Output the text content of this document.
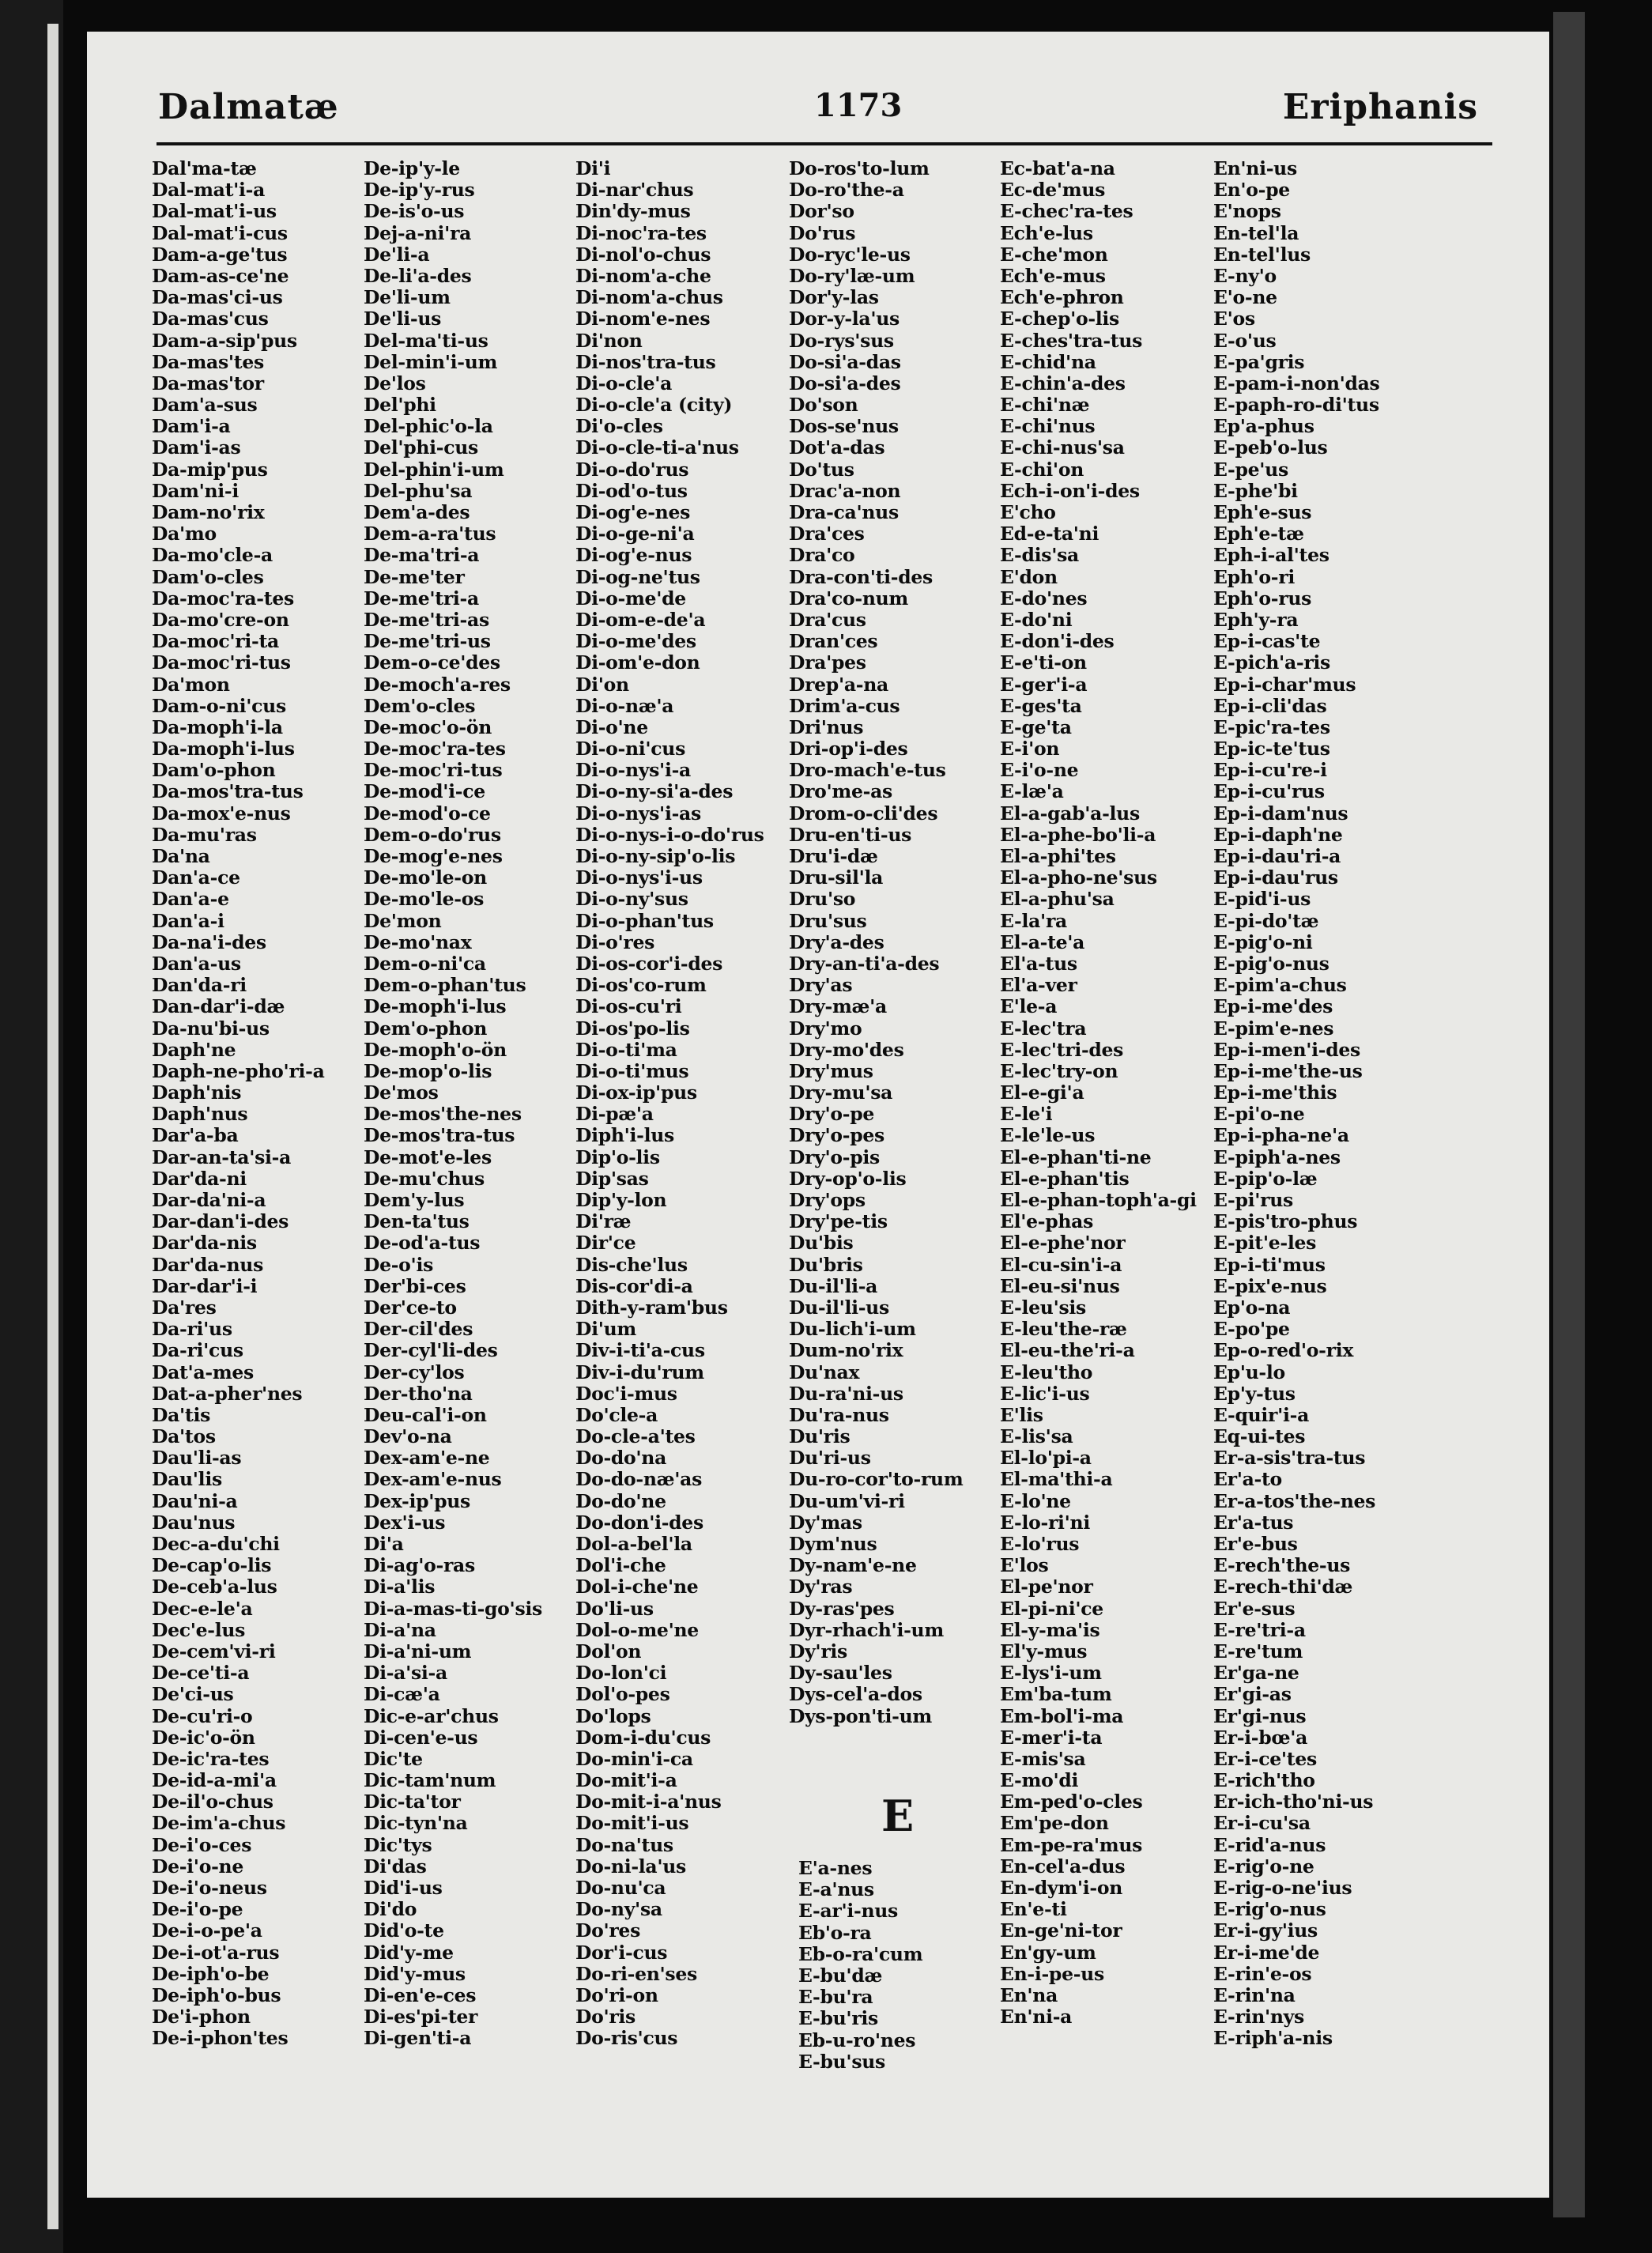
Dalmatæ	1173	Eriphanis
Dal'ma-tæ
Dal-mat'i-a
Dal-mat'i-us
Dal-mat'i-cus
Dam-a-ge'tus
Dam-as-ce'ne
Da-mas'ci-us
Da-mas'cus
Dam-a-sip'pus
Da-mas'tes
Da-mas'tor
Dam'a-sus
Dam'i-a
Dam'i-as
Da-mip'pus
Dam'ni-i
Dam-no'rix
Da'mo
Da-mo'cle-a
Dam'o-cles
Da-moc'ra-tes
Da-mo'cre-on
Da-moc'ri-ta
Da-moc'ri-tus
Da'mon
Dam-o-ni'cus
Da-moph'i-la
Da-moph'i-lus
Dam'o-phon
Da-mos'tra-tus
Da-mox'e-nus
Da-mu'ras
Da'na
Dan'a-ce
Dan'a-e
Dan'a-i
Da-na'i-des
Dan'a-us
Dan'da-ri
Dan-dar'i-dæ
Da-nu'bi-us
Daph'ne
Daph-ne-pho'ri-a
Daph'nis
Daph'nus
Dar'a-ba
Dar-an-ta'si-a
Dar'da-ni
Dar-da'ni-a
Dar-dan'i-des
Dar'da-nis
Dar'da-nus
Dar-dar'i-i
Da'res
Da-ri'us
Da-ri'cus
Dat'a-mes
Dat-a-pher'nes
Da'tis
Da'tos
Dau'li-as
Dau'lis
Dau'ni-a
Dau'nus
Dec-a-du'chi
De-cap'o-lis
De-ceb'a-lus
Dec-e-le'a
Dec'e-lus
De-cem'vi-ri
De-ce'ti-a
De'ci-us
De-cu'ri-o
De-ic'o-ön
De-ic'ra-tes
De-id-a-mi'a
De-il'o-chus
De-im'a-chus
De-i'o-ces
De-i'o-ne
De-i'o-neus
De-i'o-pe
De-i-o-pe'a
De-i-ot'a-rus
De-iph'o-be
De-iph'o-bus
De'i-phon
De-i-phon'tes
De-ip'y-le
De-ip'y-rus
De-is'o-us
Dej-a-ni'ra
De'li-a
De-li'a-des
De'li-um
De'li-us
Del-ma'ti-us
Del-min'i-um
De'los
Del'phi
Del-phic'o-la
Del'phi-cus
Del-phin'i-um
Del-phu'sa
Dem'a-des
Dem-a-ra'tus
De-ma'tri-a
De-me'ter
De-me'tri-a
De-me'tri-as
De-me'tri-us
Dem-o-ce'des
De-moch'a-res
Dem'o-cles
De-moc'o-ön
De-moc'ra-tes
De-moc'ri-tus
De-mod'i-ce
De-mod'o-ce
Dem-o-do'rus
De-mog'e-nes
De-mo'le-on
De-mo'le-os
De'mon
De-mo'nax
Dem-o-ni'ca
Dem-o-phan'tus
De-moph'i-lus
Dem'o-phon
De-moph'o-ön
De-mop'o-lis
De'mos
De-mos'the-nes
De-mos'tra-tus
De-mot'e-les
De-mu'chus
Dem'y-lus
Den-ta'tus
De-od'a-tus
De-o'is
Der'bi-ces
Der'ce-to
Der-cil'des
Der-cyl'li-des
Der-cy'los
Der-tho'na
Deu-cal'i-on
Dev'o-na
Dex-am'e-ne
Dex-am'e-nus
Dex-ip'pus
Dex'i-us
Di'a
Di-ag'o-ras
Di-a'lis
Di-a-mas-ti-go'sis
Di-a'na
Di-a'ni-um
Di-a'si-a
Di-cæ'a
Dic-e-ar'chus
Di-cen'e-us
Dic'te
Dic-tam'num
Dic-ta'tor
Dic-tyn'na
Dic'tys
Di'das
Did'i-us
Di'do
Did'o-te
Did'y-me
Did'y-mus
Di-en'e-ces
Di-es'pi-ter
Di-gen'ti-a
Di'i
Di-nar'chus
Din'dy-mus
Di-noc'ra-tes
Di-nol'o-chus
Di-nom'a-che
Di-nom'a-chus
Di-nom'e-nes
Di'non
Di-nos'tra-tus
Di-o-cle'a
Di-o-cle'a (city)
Di'o-cles
Di-o-cle-ti-a'nus
Di-o-do'rus
Di-od'o-tus
Di-og'e-nes
Di-o-ge-ni'a
Di-og'e-nus
Di-og-ne'tus
Di-o-me'de
Di-om-e-de'a
Di-o-me'des
Di-om'e-don
Di'on
Di-o-næ'a
Di-o'ne
Di-o-ni'cus
Di-o-nys'i-a
Di-o-ny-si'a-des
Di-o-nys'i-as
Di-o-nys-i-o-do'rus
Di-o-ny-sip'o-lis
Di-o-nys'i-us
Di-o-ny'sus
Di-o-phan'tus
Di-o'res
Di-os-cor'i-des
Di-os'co-rum
Di-os-cu'ri
Di-os'po-lis
Di-o-ti'ma
Di-o-ti'mus
Di-ox-ip'pus
Di-pæ'a
Diph'i-lus
Dip'o-lis
Dip'sas
Dip'y-lon
Di'ræ
Dir'ce
Dis-che'lus
Dis-cor'di-a
Dith-y-ram'bus
Di'um
Div-i-ti'a-cus
Div-i-du'rum
Doc'i-mus
Do'cle-a
Do-cle-a'tes
Do-do'na
Do-do-næ'as
Do-do'ne
Do-don'i-des
Dol-a-bel'la
Dol'i-che
Dol-i-che'ne
Do'li-us
Dol-o-me'ne
Dol'on
Do-lon'ci
Dol'o-pes
Do'lops
Dom-i-du'cus
Do-min'i-ca
Do-mit'i-a
Do-mit-i-a'nus
Do-mit'i-us
Do-na'tus
Do-ni-la'us
Do-nu'ca
Do-ny'sa
Do'res
Dor'i-cus
Do-ri-en'ses
Do'ri-on
Do'ris
Do-ris'cus
Do-ros'to-lum
Do-ro'the-a
Dor'so
Do'rus
Do-ryc'le-us
Do-ry'læ-um
Dor'y-las
Dor-y-la'us
Do-rys'sus
Do-si'a-das
Do-si'a-des
Do'son
Dos-se'nus
Dot'a-das
Do'tus
Drac'a-non
Dra-ca'nus
Dra'ces
Dra'co
Dra-con'ti-des
Dra'co-num
Dra'cus
Dran'ces
Dra'pes
Drep'a-na
Drim'a-cus
Dri'nus
Dri-op'i-des
Dro-mach'e-tus
Dro'me-as
Drom-o-cli'des
Dru-en'ti-us
Dru'i-dæ
Dru-sil'la
Dru'so
Dru'sus
Dry'a-des
Dry-an-ti'a-des
Dry'as
Dry-mæ'a
Dry'mo
Dry-mo'des
Dry'mus
Dry-mu'sa
Dry'o-pe
Dry'o-pes
Dry'o-pis
Dry-op'o-lis
Dry'ops
Dry'pe-tis
Du'bis
Du'bris
Du-il'li-a
Du-il'li-us
Du-lich'i-um
Dum-no'rix
Du'nax
Du-ra'ni-us
Du'ra-nus
Du'ris
Du'ri-us
Du-ro-cor'to-rum
Du-um'vi-ri
Dy'mas
Dym'nus
Dy-nam'e-ne
Dy'ras
Dy-ras'pes
Dyr-rhach'i-um
Dy'ris
Dy-sau'les
Dys-cel'a-dos
Dys-pon'ti-um
Ec-bat'a-na
Ec-de'mus
E-chec'ra-tes
Ech'e-lus
E-che'mon
Ech'e-mus
Ech'e-phron
E-chep'o-lis
E-ches'tra-tus
E-chid'na
E-chin'a-des
E-chi'næ
E-chi'nus
E-chi-nus'sa
E-chi'on
Ech-i-on'i-des
E'cho
Ed-e-ta'ni
E-dis'sa
E'don
E-do'nes
E-do'ni
E-don'i-des
E-e'ti-on
E-ger'i-a
E-ges'ta
E-ge'ta
E-i'on
E-i'o-ne
E-læ'a
El-a-gab'a-lus
El-a-phe-bo'li-a
El-a-phi'tes
El-a-pho-ne'sus
El-a-phu'sa
E-la'ra
El-a-te'a
El'a-tus
El'a-ver
E'le-a
E-lec'tra
E-lec'tri-des
E-lec'try-on
El-e-gi'a
E-le'i
E-le'le-us
El-e-phan'ti-ne
El-e-phan'tis
El-e-phan-toph'a-gi
El'e-phas
El-e-phe'nor
El-cu-sin'i-a
El-eu-si'nus
E-leu'sis
E-leu'the-ræ
El-eu-the'ri-a
E-leu'tho
E-lic'i-us
E'lis
E-lis'sa
El-lo'pi-a
El-ma'thi-a
E-lo'ne
E-lo-ri'ni
E-lo'rus
E'los
El-pe'nor
El-pi-ni'ce
El-y-ma'is
El'y-mus
E-lys'i-um
Em'ba-tum
Em-bol'i-ma
E-mer'i-ta
E-mis'sa
E-mo'di
Em-ped'o-cles
Em'pe-don
Em-pe-ra'mus
En-cel'a-dus
En-dym'i-on
En'e-ti
En-ge'ni-tor
En'gy-um
En-i-pe-us
En'na
En'ni-a
En'ni-us
En'o-pe
E'nops
En-tel'la
En-tel'lus
E-ny'o
E'o-ne
E'os
E-o'us
E-pa'gris
E-pam-i-non'das
E-paph-ro-di'tus
Ep'a-phus
E-peb'o-lus
E-pe'us
E-phe'bi
Eph'e-sus
Eph'e-tæ
Eph-i-al'tes
Eph'o-ri
Eph'o-rus
Eph'y-ra
Ep-i-cas'te
E-pich'a-ris
Ep-i-char'mus
Ep-i-cli'das
E-pic'ra-tes
Ep-ic-te'tus
Ep-i-cu're-i
Ep-i-cu'rus
Ep-i-dam'nus
Ep-i-daph'ne
Ep-i-dau'ri-a
Ep-i-dau'rus
E-pid'i-us
E-pi-do'tæ
E-pig'o-ni
E-pig'o-nus
E-pim'a-chus
Ep-i-me'des
E-pim'e-nes
Ep-i-men'i-des
Ep-i-me'the-us
Ep-i-me'this
E-pi'o-ne
Ep-i-pha-ne'a
E-piph'a-nes
E-pip'o-læ
E-pi'rus
E-pis'tro-phus
E-pit'e-les
Ep-i-ti'mus
E-pix'e-nus
Ep'o-na
E-po'pe
Ep-o-red'o-rix
Ep'u-lo
Ep'y-tus
E-quir'i-a
Eq-ui-tes
Er-a-sis'tra-tus
Er'a-to
Er-a-tos'the-nes
Er'a-tus
Er'e-bus
E-rech'the-us
E-rech-thi'dæ
Er'e-sus
E-re'tri-a
E-re'tum
Er'ga-ne
Er'gi-as
Er'gi-nus
Er-i-bœ'a
Er-i-ce'tes
E-rich'tho
Er-ich-tho'ni-us
Er-i-cu'sa
E-rid'a-nus
E-rig'o-ne
E-rig-o-ne'ius
E-rig'o-nus
Er-i-gy'ius
Er-i-me'de
E-rin'e-os
E-rin'na
E-rin'nys
E-riph'a-nis
E
E'a-nes
E-a'nus
E-ar'i-nus
Eb'o-ra
Eb-o-ra'cum
E-bu'dæ
E-bu'ra
E-bu'ris
Eb-u-ro'nes
E-bu'sus
